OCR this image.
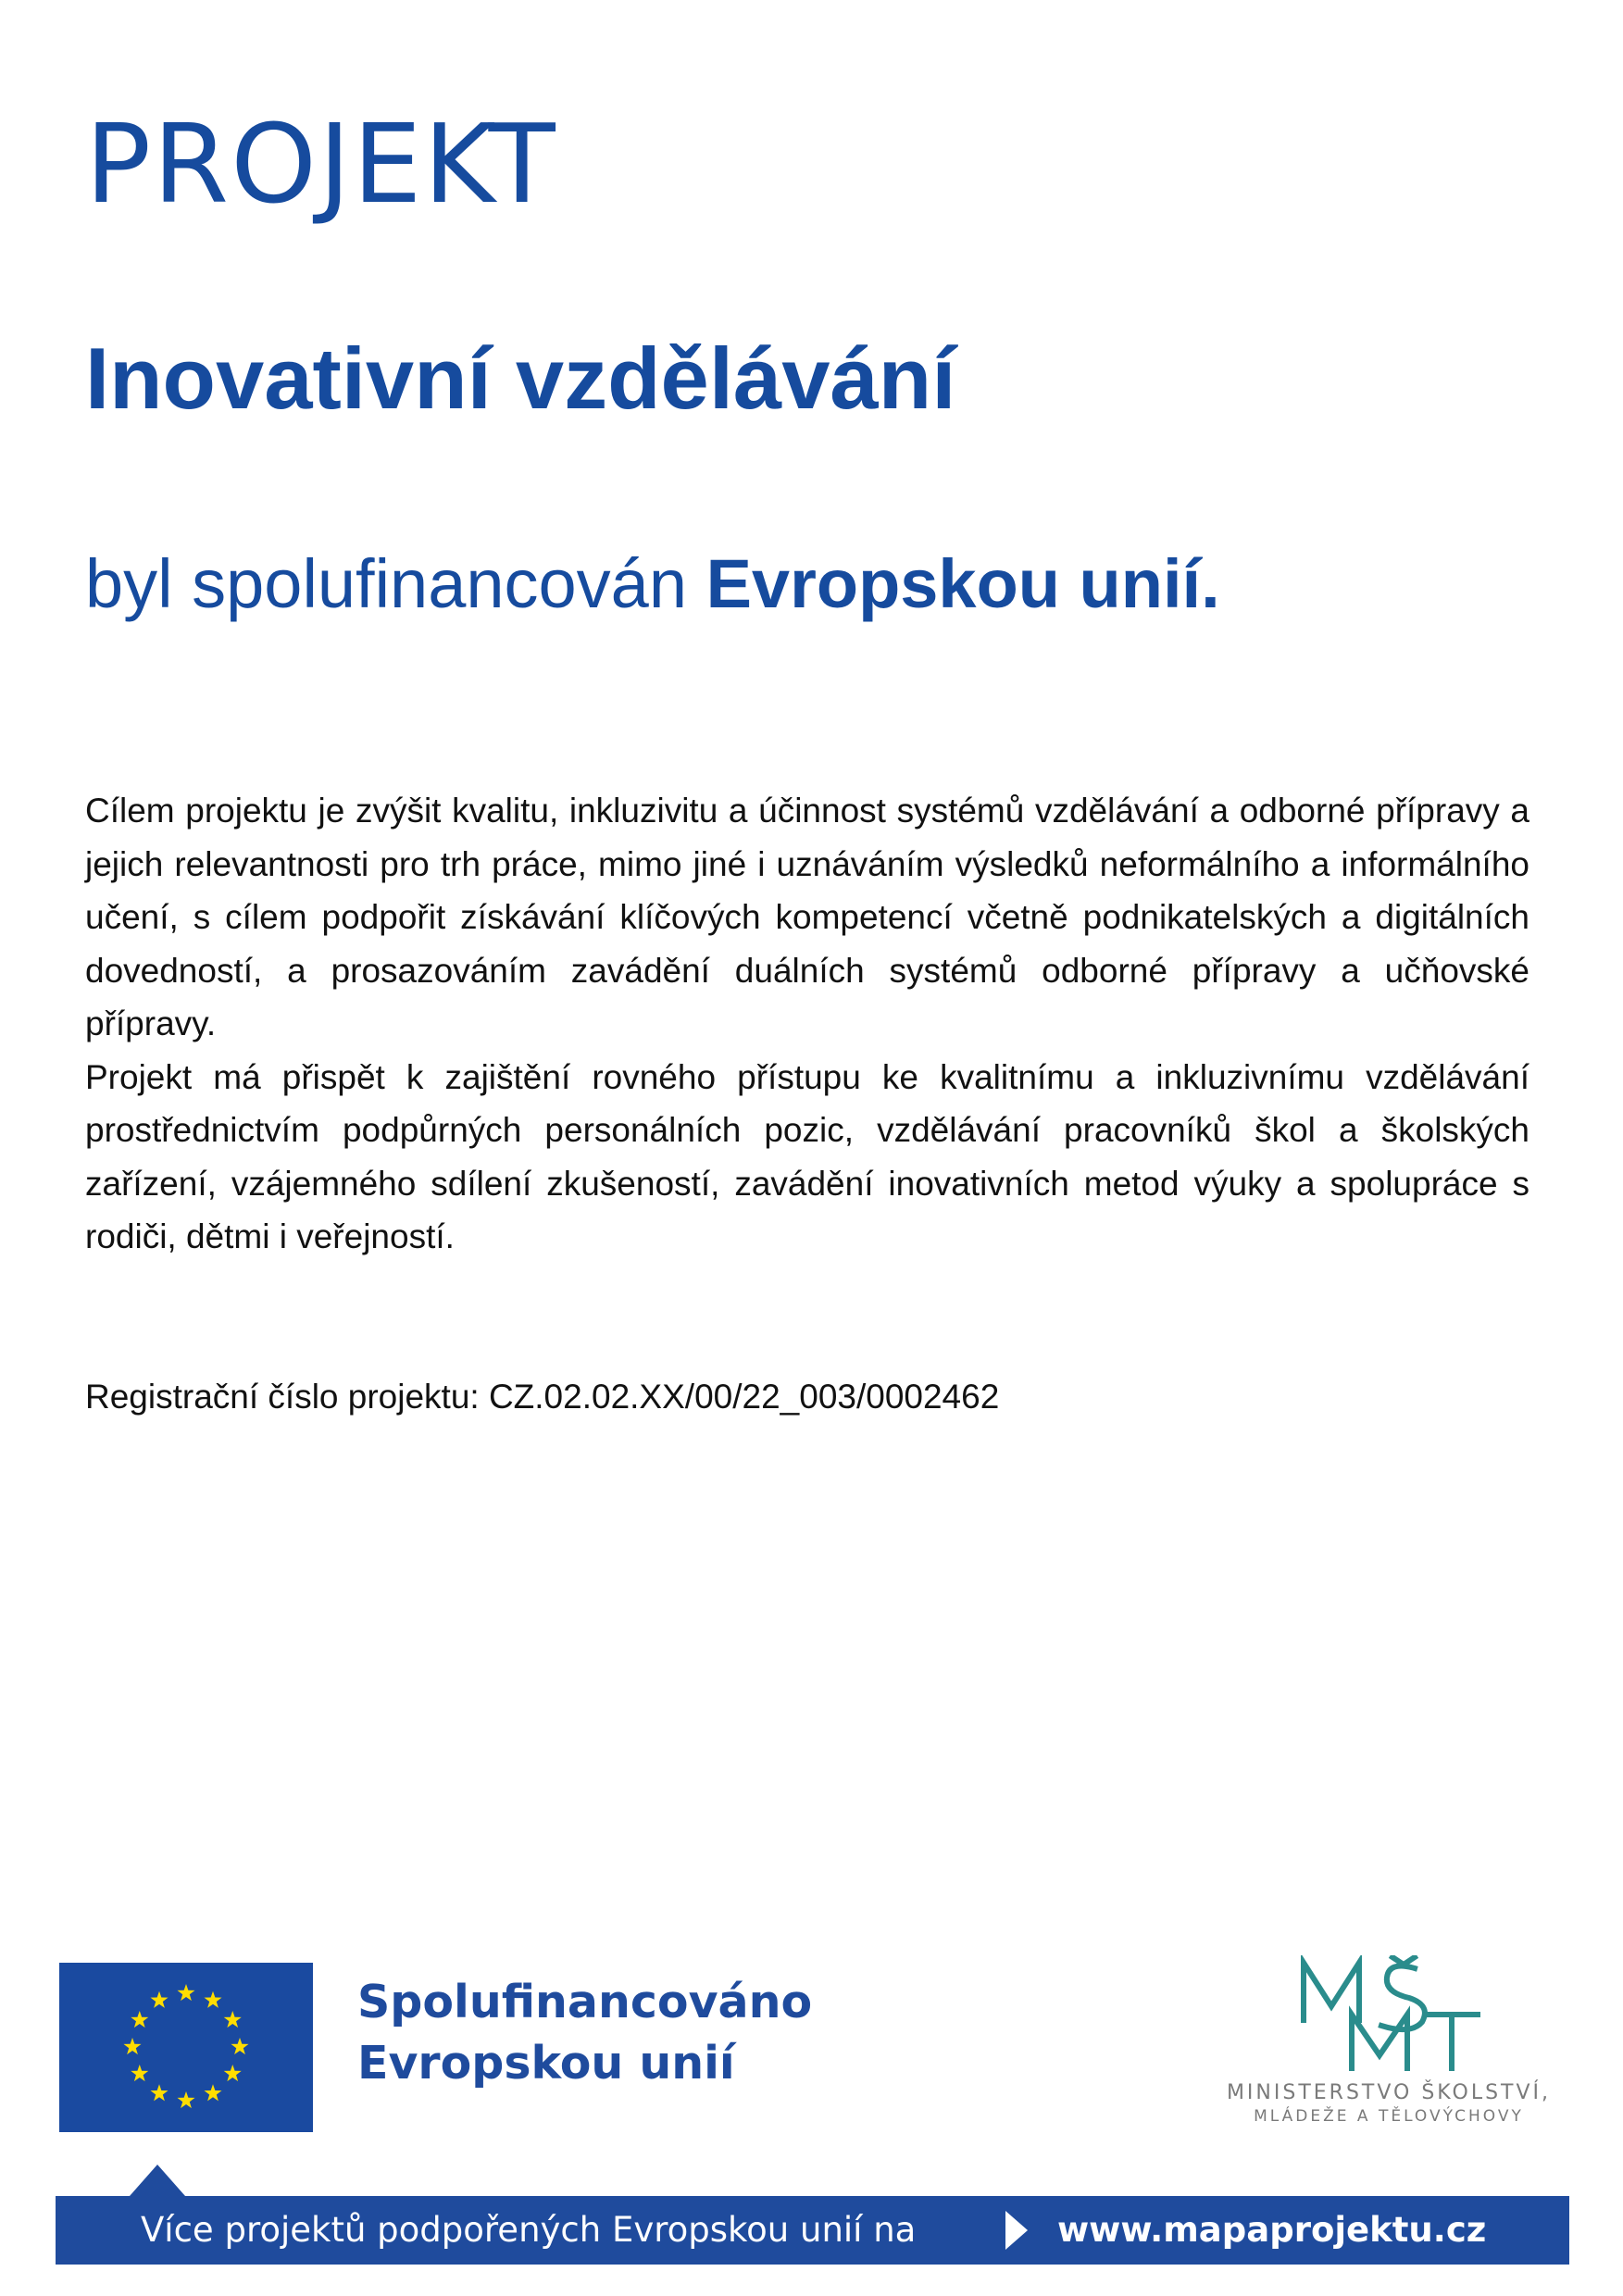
PROJEKT
Inovativní vzdělávání
byl spolufinancován Evropskou unií.

Cílem projektu je zvýšit kvalitu, inkluzivitu a účinnost systémů vzdělávání a odborné přípravy a jejich relevantnosti pro trh práce, mimo jiné i uznáváním výsledků neformálního a informálního učení, s cílem podpořit získávání klíčových kompetencí včetně podnikatelských a digitálních dovedností, a prosazováním zavádění duálních systémů odborné přípravy a učňovské přípravy.

Projekt má přispět k zajištění rovného přístupu ke kvalitnímu a inkluzivnímu vzdělávání prostřednictvím podpůrných personálních pozic, vzdělávání pracovníků škol a školských zařízení, vzájemného sdílení zkušeností, zavádění inovativních metod výuky a spolupráce s rodiči, dětmi i veřejností.

Registrační číslo projektu: CZ.02.02.XX/00/22_003/0002462
Spolufinancováno
Evropskou unií
MINISTERSTVO ŠKOLSTVÍ,
MLÁDEŽE A TĚLOVÝCHOVY
Více projektů podpořených Evropskou unií na	www.mapaprojektu.cz
